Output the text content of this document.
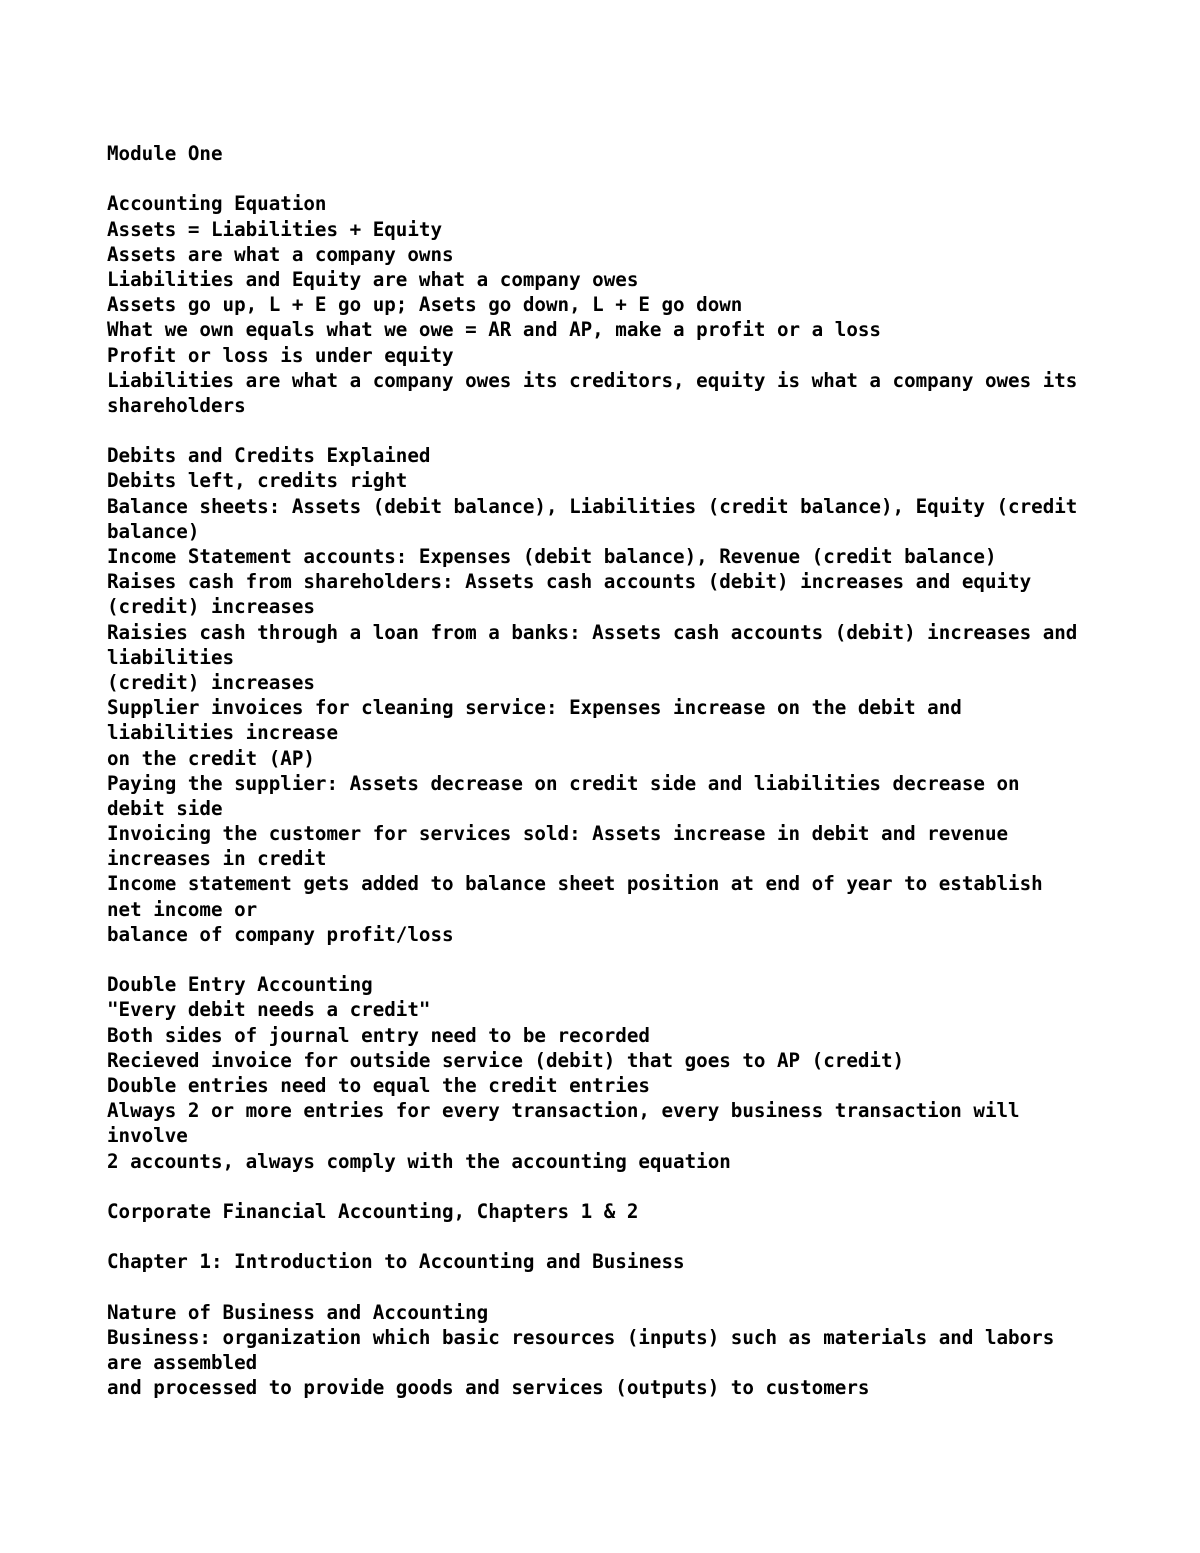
Module One
Accounting Equation
Assets = Liabilities + Equity
Assets are what a company owns
Liabilities and Equity are what a company owes
Assets go up, L + E go up; Asets go down, L + E go down
What we own equals what we owe = AR and AP, make a profit or a loss
Profit or loss is under equity
Liabilities are what a company owes its creditors, equity is what a company owes its
shareholders
Debits and Credits Explained
Debits left, credits right
Balance sheets: Assets (debit balance), Liabilities (credit balance), Equity (credit
balance)
Income Statement accounts: Expenses (debit balance), Revenue (credit balance)
Raises cash from shareholders: Assets cash accounts (debit) increases and equity
(credit) increases
Raisies cash through a loan from a banks: Assets cash accounts (debit) increases and
liabilities
(credit) increases
Supplier invoices for cleaning service: Expenses increase on the debit and
liabilities increase
on the credit (AP)
Paying the supplier: Assets decrease on credit side and liabilities decrease on
debit side
Invoicing the customer for services sold: Assets increase in debit and revenue
increases in credit
Income statement gets added to balance sheet position at end of year to establish
net income or
balance of company profit/loss
Double Entry Accounting
"Every debit needs a credit"
Both sides of journal entry need to be recorded
Recieved invoice for outside service (debit) that goes to AP (credit)
Double entries need to equal the credit entries
Always 2 or more entries for every transaction, every business transaction will
involve
2 accounts, always comply with the accounting equation
Corporate Financial Accounting, Chapters 1 & 2
Chapter 1: Introduction to Accounting and Business
Nature of Business and Accounting
Business: organization which basic resources (inputs) such as materials and labors
are assembled
and processed to provide goods and services (outputs) to customers
